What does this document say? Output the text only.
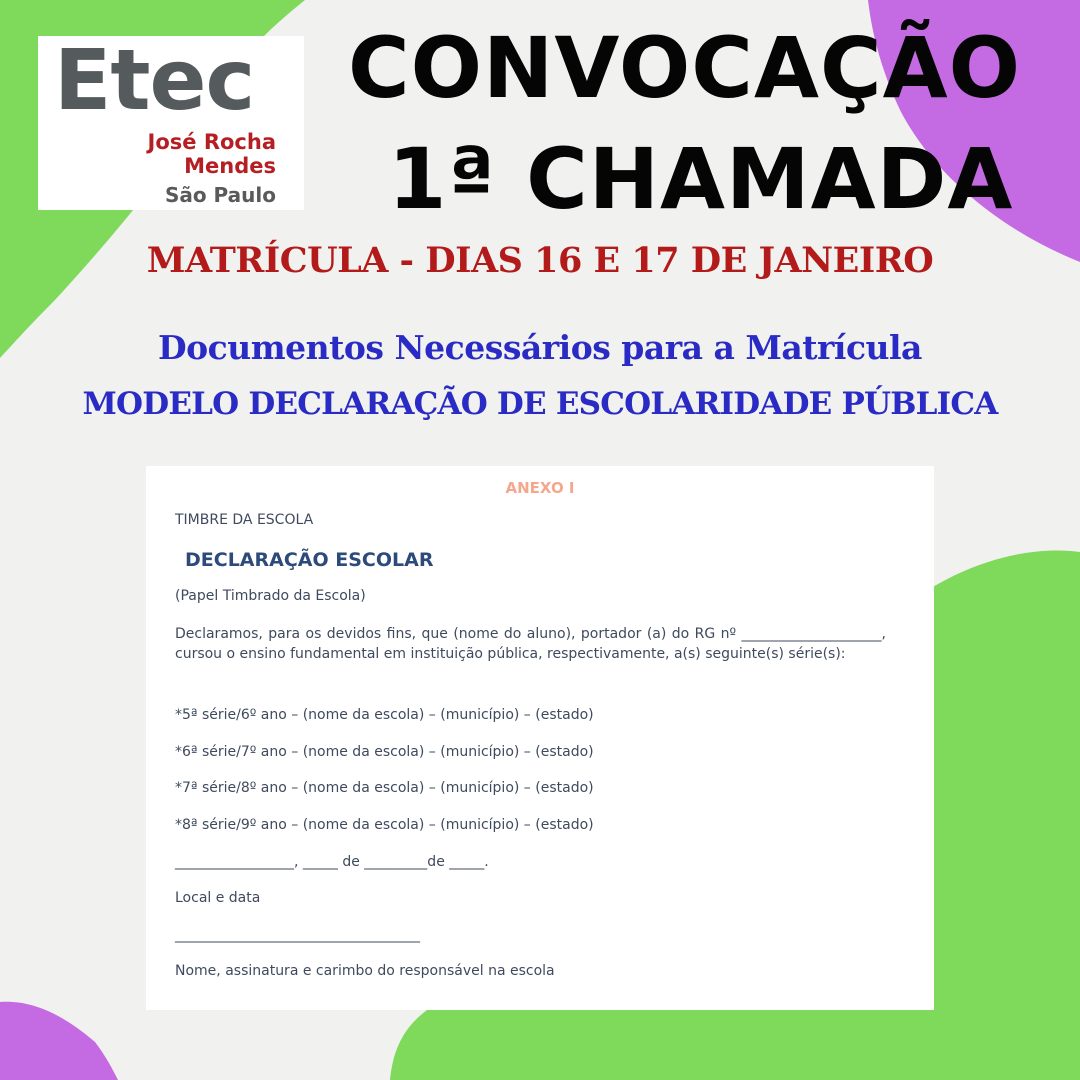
Etec
José Rocha
Mendes
São Paulo
CONVOCAÇÃO
1ª CHAMADA
MATRÍCULA - DIAS 16 E 17 DE JANEIRO
Documentos Necessários para a Matrícula
MODELO DECLARAÇÃO DE ESCOLARIDADE PÚBLICA
ANEXO I
TIMBRE DA ESCOLA
DECLARAÇÃO ESCOLAR
(Papel Timbrado da Escola)
Declaramos, para os devidos fins, que (nome do aluno), portador (a) do RG nº ____________________, cursou o ensino fundamental em instituição pública, respectivamente, a(s) seguinte(s) série(s):
*5ª série/6º ano – (nome da escola) – (município) – (estado)
*6ª série/7º ano – (nome da escola) – (município) – (estado)
*7ª série/8º ano – (nome da escola) – (município) – (estado)
*8ª série/9º ano – (nome da escola) – (município) – (estado)
_________________, _____ de _________de _____.
Local e data
___________________________________
Nome, assinatura e carimbo do responsável na escola
